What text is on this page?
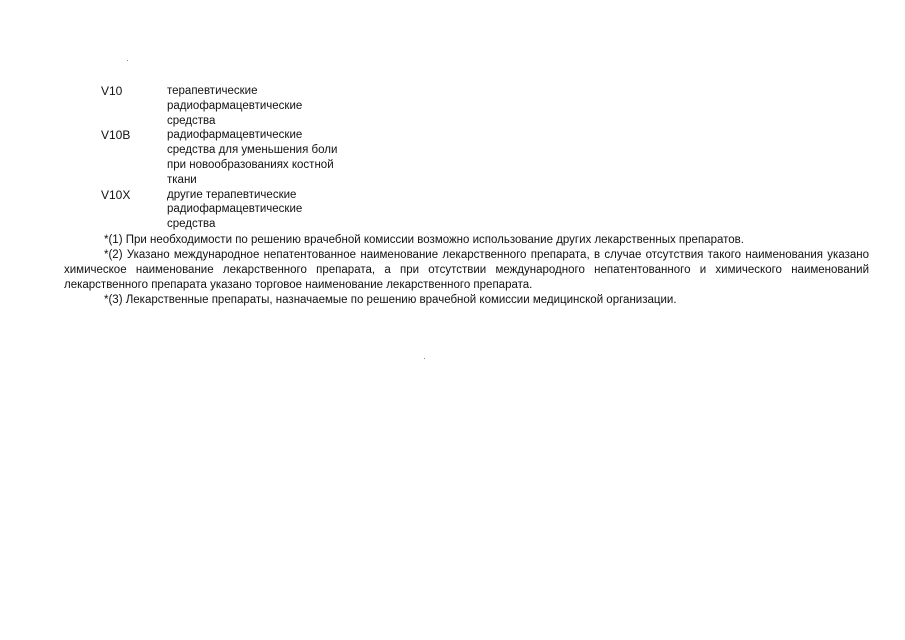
V10	терапевтические
радиофармацевтические
средства
V10B	радиофармацевтические
средства для уменьшения боли
при новообразованиях костной
ткани
V10X	другие терапевтические
радиофармацевтические
средства

*(1) При необходимости по решению врачебной комиссии возможно использование других лекарственных препаратов.

*(2) Указано международное непатентованное наименование лекарственного препарата, в случае отсутствия такого наименования указано химическое наименование лекарственного препарата, а при отсутствии международного непатентованного и химического наименований лекарственного препарата указано торговое наименование лекарственного препарата.

*(3) Лекарственные препараты, назначаемые по решению врачебной комиссии медицинской организации.
